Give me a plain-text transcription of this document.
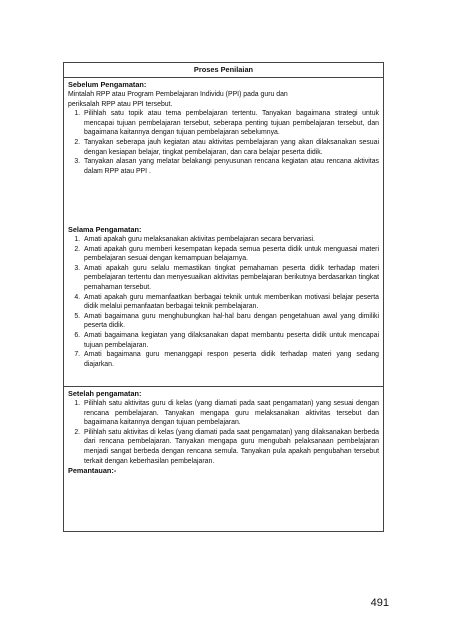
Proses Penilaian
Sebelum Pengamatan:

Mintalah RPP atau Program Pembelajaran Individu (PPI) pada guru dan

periksalah RPP atau PPI tersebut.

1. Pilihlah satu topik atau tema pembelajaran tertentu. Tanyakan bagaimana strategi untuk mencapai tujuan pembelajaran tersebut, seberapa penting tujuan pembelajaran tersebut, dan bagaimana kaitannya dengan tujuan pembelajaran sebelumnya.
2. Tanyakan seberapa jauh kegiatan atau aktivitas pembelajaran yang akan dilaksanakan sesuai dengan kesiapan belajar, tingkat pembelajaran, dan cara belajar peserta didik.
3. Tanyakan alasan yang melatar belakangi penyusunan rencana kegiatan atau rencana aktivitas dalam RPP atau PPI .
Selama Pengamatan:
1. Amati apakah guru melaksanakan aktivitas pembelajaran secara bervariasi.
2. Amati apakah guru memberi kesempatan kepada semua peserta didik untuk menguasai materi pembelajaran sesuai dengan kemampuan belajarnya.
3. Amati apakah guru selalu memastikan tingkat pemahaman peserta didik terhadap materi pembelajaran tertentu dan menyesuaikan aktivitas pembelajaran berikutnya berdasarkan tingkat pemahaman tersebut.
4. Amati apakah guru memanfaatkan berbagai teknik untuk memberikan motivasi belajar peserta didik melalui pemanfaatan berbagai teknik pembelajaran.
5. Amati bagaimana guru menghubungkan hal-hal baru dengan pengetahuan awal yang dimiliki peserta didik.
6. Amati bagaimana kegiatan yang dilaksanakan dapat membantu peserta didik untuk mencapai tujuan pembelajaran.
7. Amati bagaimana guru menanggapi respon peserta didik terhadap materi yang sedang diajarkan.
Setelah pengamatan:
1. Pilihlah satu aktivitas guru di kelas (yang diamati pada saat pengamatan) yang sesuai dengan rencana pembelajaran. Tanyakan mengapa guru melaksanakan aktivitas tersebut dan bagaimana kaitannya dengan tujuan pembelajaran.
2. Pilihlah satu aktivitas di kelas (yang diamati pada saat pengamatan) yang dilaksanakan berbeda dari rencana pembelajaran. Tanyakan mengapa guru mengubah pelaksanaan pembelajaran menjadi sangat berbeda dengan rencana semula. Tanyakan pula apakah pengubahan tersebut terkait dengan keberhasilan pembelajaran.
Pemantauan:-
491
